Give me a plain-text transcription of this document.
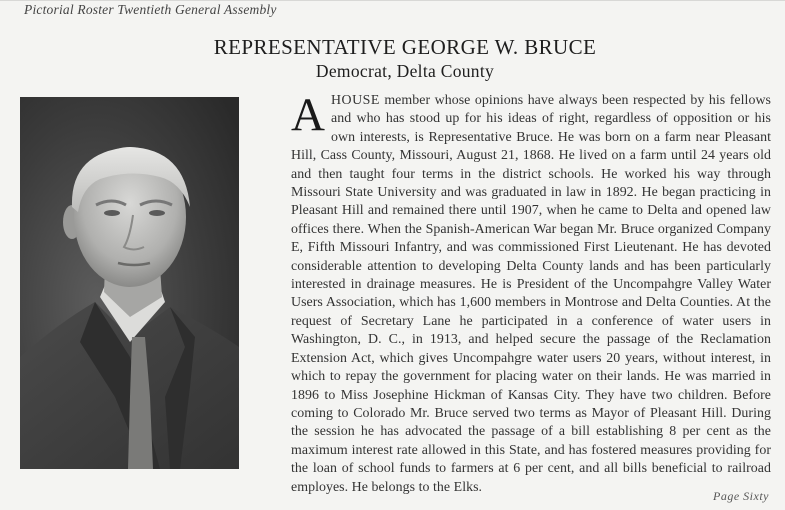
Pictorial Roster Twentieth General Assembly
REPRESENTATIVE GEORGE W. BRUCE
Democrat, Delta County
AHOUSE member whose opinions have always been respected by his fellows and who has stood up for his ideas of right, regardless of opposition or his own interests, is Representative Bruce. He was born on a farm near Pleasant Hill, Cass County, Missouri, August 21, 1868. He lived on a farm until 24 years old and then taught four terms in the district schools. He worked his way through Missouri State University and was graduated in law in 1892. He began practicing in Pleasant Hill and remained there until 1907, when he came to Delta and opened law offices there. When the Spanish-American War began Mr. Bruce organized Company E, Fifth Missouri Infantry, and was commissioned First Lieutenant. He has devoted considerable attention to developing Delta County lands and has been particularly interested in drainage measures. He is President of the Uncompahgre Valley Water Users Association, which has 1,600 members in Montrose and Delta Counties. At the request of Secretary Lane he participated in a conference of water users in Washington, D. C., in 1913, and helped secure the passage of the Reclamation Extension Act, which gives Uncompahgre water users 20 years, without interest, in which to repay the government for placing water on their lands. He was married in 1896 to Miss Josephine Hickman of Kansas City. They have two children. Before coming to Colorado Mr. Bruce served two terms as Mayor of Pleasant Hill. During the session he has advocated the passage of a bill establishing 8 per cent as the maximum interest rate allowed in this State, and has fostered measures providing for the loan of school funds to farmers at 6 per cent, and all bills beneficial to railroad employes. He belongs to the Elks.
Page Sixty
